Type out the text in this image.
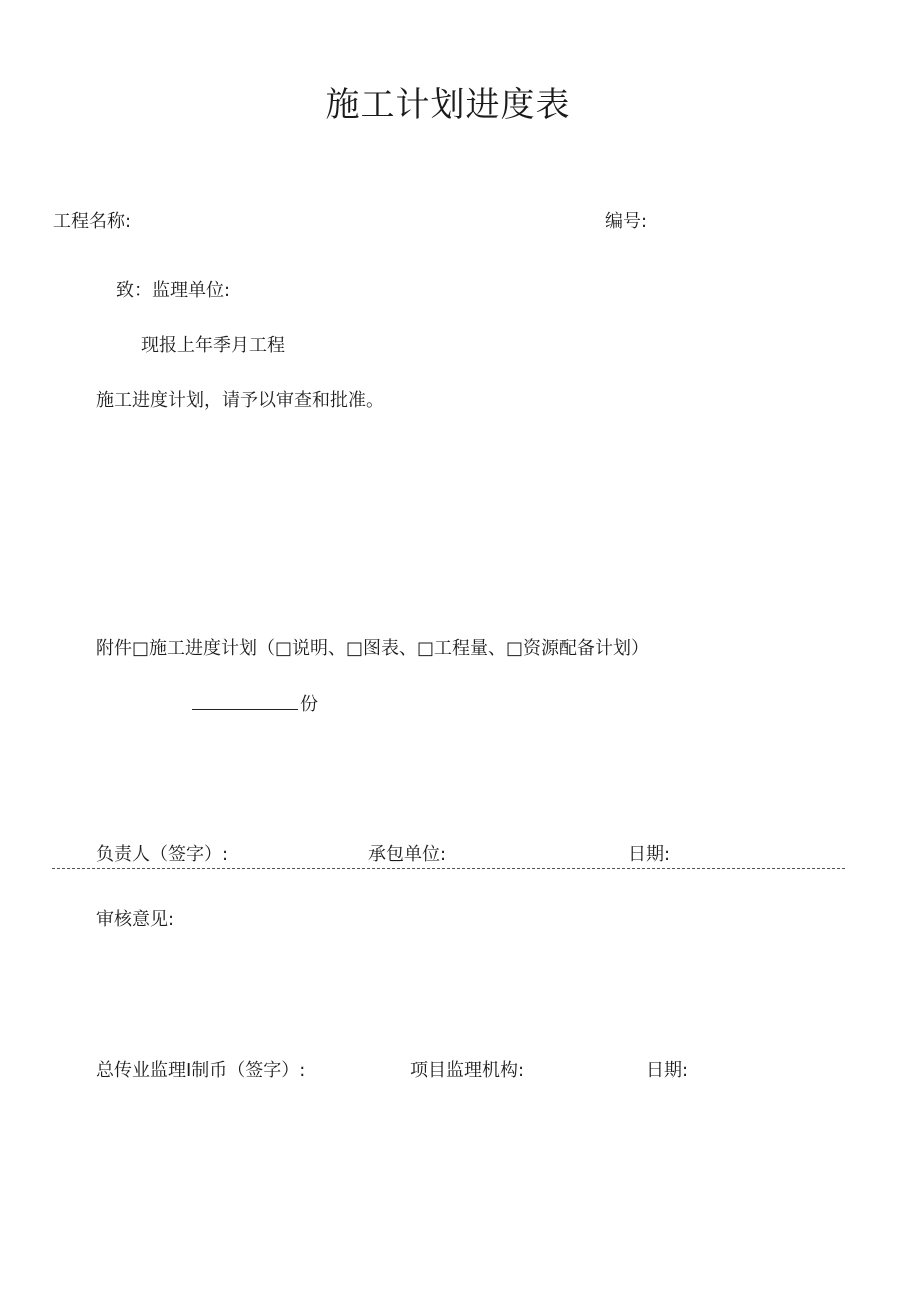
施工计划进度表
工程名称:	编号:
致：监理单位:
现报上年季月工程
施工进度计划，请予以审查和批准。
附件□施工进度计划（□说明、□图表、□工程量、□资源配备计划）
份
负责人（签字）:	承包单位:	日期:
审核意见:
总传业监理Ⅰ制币（签字）:	项目监理机构:	日期:
